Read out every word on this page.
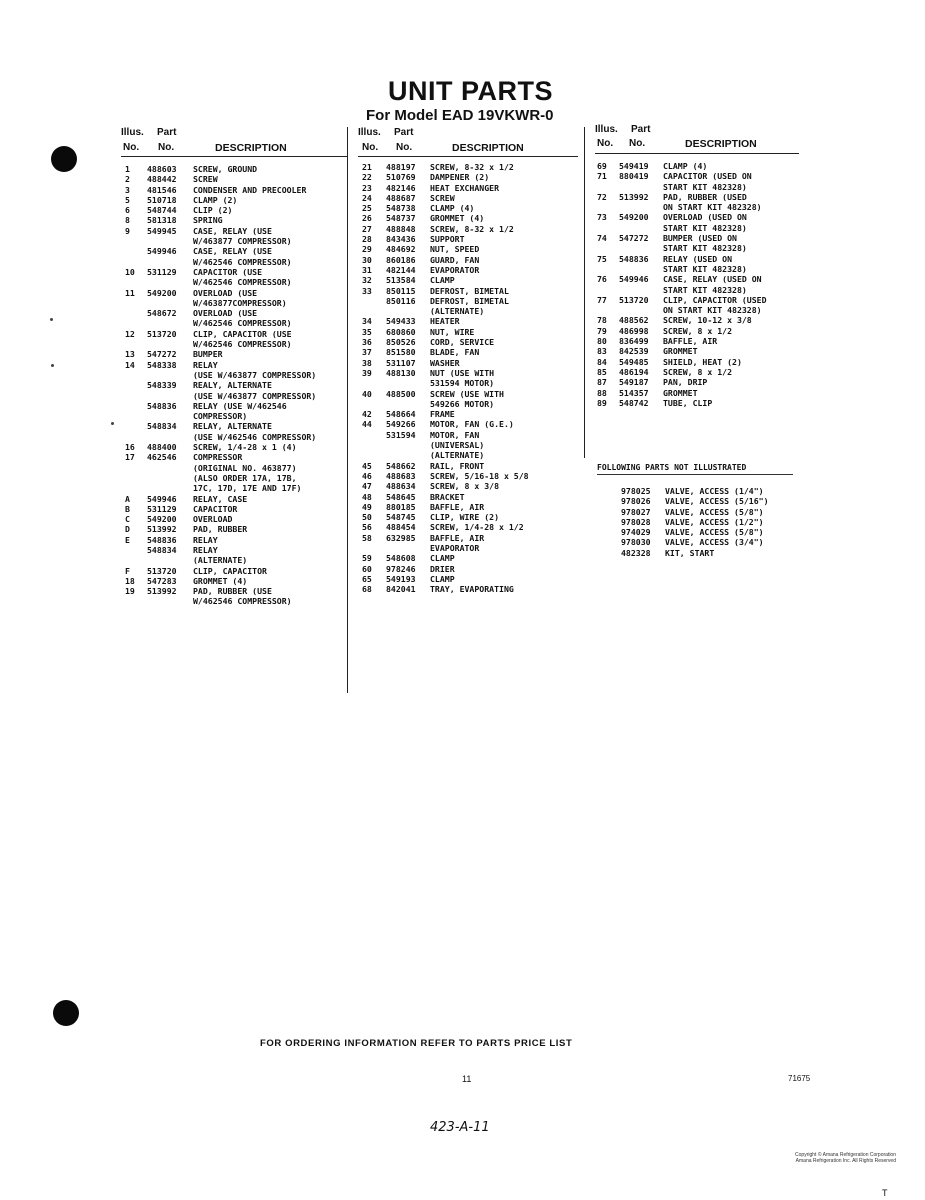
UNIT PARTS
For Model EAD 19VKWR-0
Illus. Part
No. No.	DESCRIPTION
1 488603 SCREW, GROUND
2 488442 SCREW
3 481546 CONDENSER AND PRECOOLER
5 510718 CLAMP (2)
6 548744 CLIP (2)
8 581318 SPRING
9 549945 CASE, RELAY (USE
W/463877 COMPRESSOR)
549946 CASE, RELAY (USE
W/462546 COMPRESSOR)
10 531129 CAPACITOR (USE
W/462546 COMPRESSOR)
11 549200 OVERLOAD (USE
W/463877COMPRESSOR)
548672 OVERLOAD (USE
W/462546 COMPRESSOR)
12 513720 CLIP, CAPACITOR (USE
W/462546 COMPRESSOR)
13 547272 BUMPER
14 548338 RELAY
(USE W/463877 COMPRESSOR)
548339 REALY, ALTERNATE
(USE W/463877 COMPRESSOR)
548836 RELAY (USE W/462546
COMPRESSOR)
548834 RELAY, ALTERNATE
(USE W/462546 COMPRESSOR)
16 488400 SCREW, 1/4-28 x 1 (4)
17 462546 COMPRESSOR
(ORIGINAL NO. 463877)
(ALSO ORDER 17A, 17B,
17C, 17D, 17E AND 17F)
A 549946 RELAY, CASE
B 531129 CAPACITOR
C 549200 OVERLOAD
D 513992 PAD, RUBBER
E 548836 RELAY
548834 RELAY
(ALTERNATE)
F 513720 CLIP, CAPACITOR
18 547283 GROMMET (4)
19 513992 PAD, RUBBER (USE
W/462546 COMPRESSOR)
Illus. Part
No. No.	DESCRIPTION
21 488197 SCREW, 8-32 x 1/2
22 510769 DAMPENER (2)
23 482146 HEAT EXCHANGER
24 488687 SCREW
25 548738 CLAMP (4)
26 548737 GROMMET (4)
27 488848 SCREW, 8-32 x 1/2
28 843436 SUPPORT
29 484692 NUT, SPEED
30 860186 GUARD, FAN
31 482144 EVAPORATOR
32 513584 CLAMP
33 850115 DEFROST, BIMETAL
850116 DEFROST, BIMETAL
(ALTERNATE)
34 549433 HEATER
35 680860 NUT, WIRE
36 850526 CORD, SERVICE
37 851580 BLADE, FAN
38 531107 WASHER
39 488130 NUT (USE WITH
531594 MOTOR)
40 488500 SCREW (USE WITH
549266 MOTOR)
42 548664 FRAME
44 549266 MOTOR, FAN (G.E.)
531594 MOTOR, FAN
(UNIVERSAL)
(ALTERNATE)
45 548662 RAIL, FRONT
46 488683 SCREW, 5/16-18 x 5/8
47 488634 SCREW, 8 x 3/8
48 548645 BRACKET
49 880185 BAFFLE, AIR
50 548745 CLIP, WIRE (2)
56 488454 SCREW, 1/4-28 x 1/2
58 632985 BAFFLE, AIR
EVAPORATOR
59 548608 CLAMP
60 978246 DRIER
65 549193 CLAMP
68 842041 TRAY, EVAPORATING
Illus. Part
No. No.	DESCRIPTION
69 549419 CLAMP (4)
71 880419 CAPACITOR (USED ON
START KIT 482328)
72 513992 PAD, RUBBER (USED
ON START KIT 482328)
73 549200 OVERLOAD (USED ON
START KIT 482328)
74 547272 BUMPER (USED ON
START KIT 482328)
75 548836 RELAY (USED ON
START KIT 482328)
76 549946 CASE, RELAY (USED ON
START KIT 482328)
77 513720 CLIP, CAPACITOR (USED
ON START KIT 482328)
78 488562 SCREW, 10-12 x 3/8
79 486998 SCREW, 8 x 1/2
80 836499 BAFFLE, AIR
83 842539 GROMMET
84 549485 SHIELD, HEAT (2)
85 486194 SCREW, 8 x 1/2
87 549187 PAN, DRIP
88 514357 GROMMET
89 548742 TUBE, CLIP
FOLLOWING PARTS NOT ILLUSTRATED
978025 VALVE, ACCESS (1/4")
978026 VALVE, ACCESS (5/16")
978027 VALVE, ACCESS (5/8")
978028 VALVE, ACCESS (1/2")
974029 VALVE, ACCESS (5/8")
978030 VALVE, ACCESS (3/4")
482328 KIT, START
FOR ORDERING INFORMATION REFER TO PARTS PRICE LIST
11	71675
423-A-11
Copyright © Amana Refrigeration Corporation
Amana Refrigeration Inc. All Rights Reserved
T
